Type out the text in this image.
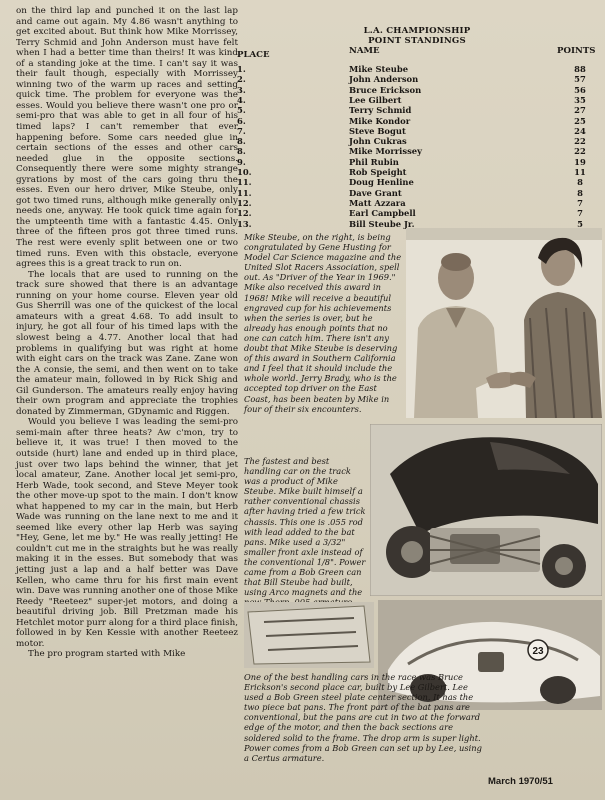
on the third lap and punched it on the last lap and came out again. My 4.86 wasn't anything to get excited about. But think how Mike Morrissey, Terry Schmid and John Anderson must have felt when I had a better time than theirs! It was kind of a standing joke at the time. I can't say it was their fault though, especially with Morrissey winning two of the warm up races and setting quick time. The problem for everyone was the esses. Would you believe there wasn't one pro or semi-pro that was able to get in all four of his timed laps? I can't remember that ever happening before. Some cars needed glue in certain sections of the esses and other cars needed glue in the opposite sections. Consequently there were some mighty strange gyrations by most of the cars going thru the esses. Even our hero driver, Mike Steube, only got two timed runs, although mike generally only needs one, anyway. He took quick time again for the umpteenth time with a fantastic 4.45. Only three of the fifteen pros got three timed runs. The rest were evenly split between one or two timed runs. Even with this obstacle, everyone agrees this is a great track to run on.

The locals that are used to running on the track sure showed that there is an advantage running on your home course. Eleven year old Gus Sherrill was one of the quickest of the local amateurs with a great 4.68. To add insult to injury, he got all four of his timed laps with the slowest being a 4.77. Another local that had problems in qualifying but was right at home with eight cars on the track was Zane. Zane won the A consie, the semi, and then went on to take the amateur main, followed in by Rick Shig and Gil Gunderson. The amateurs really enjoy having their own program and appreciate the trophies donated by Zimmerman, GDynamic and Riggen.

Would you believe I was leading the semi-pro semi-main after three heats? Aw c'mon, try to believe it, it was true! I then moved to the outside (hurt) lane and ended up in third place, just over two laps behind the winner, that jet local amateur, Zane. Another local jet semi-pro, Herb Wade, took second, and Steve Meyer took the other move-up spot to the main. I don't know what happened to my car in the main, but Herb Wade was running on the lane next to me and it seemed like every other lap Herb was saying "Hey, Gene, let me by." He was really jetting! He couldn't cut me in the straights but he was really making it in the esses. But somebody that was jetting just a lap and a half better was Dave Kellen, who came thru for his first main event win. Dave was running another one of those Mike Reedy "Reeteez" super-jet motors, and doing a beautiful driving job. Bill Pretzman made his Hetchlet motor purr along for a third place finish, followed in by Ken Kessie with another Reeteez motor.

The pro program started with Mike

L.A. CHAMPIONSHIP
POINT STANDINGS
PLACE	NAME	POINTS
1.	Mike Steube	88
2.	John Anderson	57
3.	Bruce Erickson	56
4.	Lee Gilbert	35
5.	Terry Schmid	27
6.	Mike Kondor	25
7.	Steve Bogut	24
8.	John Cukras	22
8.	Mike Morrissey	22
9.	Phil Rubin	19
10.	Rob Speight	11
11.	Doug Henline	8
11.	Dave Grant	8
12.	Matt Azzara	7
12.	Earl Campbell	7
13.	Bill Steube Jr.	5

Mike Steube, on the right, is being congratulated by Gene Husting for Model Car Science magazine and the United Slot Racers Association, spell out. As "Driver of the Year in 1969." Mike also received this award in 1968! Mike will receive a beautiful engraved cup for his achievements when the series is over, but he already has enough points that no one can catch him. There isn't any doubt that Mike Steube is deserving of this award in Southern California and I feel that it should include the whole world. Jerry Brady, who is the accepted top driver on the East Coast, has been beaten by Mike in four of their six encounters.

The fastest and best handling car on the track was a product of Mike Steube. Mike built himself a rather conventional chassis after having tried a few trick chassis. This one is .055 rod with lead added to the bat pans. Mike used a 3/32" smaller front axle instead of the conventional 1/8". Power came from a Bob Green can that Bill Steube had built, using Arco magnets and the

23

One of the best handling cars in the race was Bruce Erickson's second place car, built by Lee Gilbert. Lee used a Bob Green steel plate center section. It has the two piece bat pans. The front part of the bat pans are conventional, but the pans are cut in two at the forward edge of the motor, and then the back sections are soldered solid to the frame. The drop arm is super light. Power comes from a Bob Green can set up by Lee, using a Certus armature.

March 1970/51
